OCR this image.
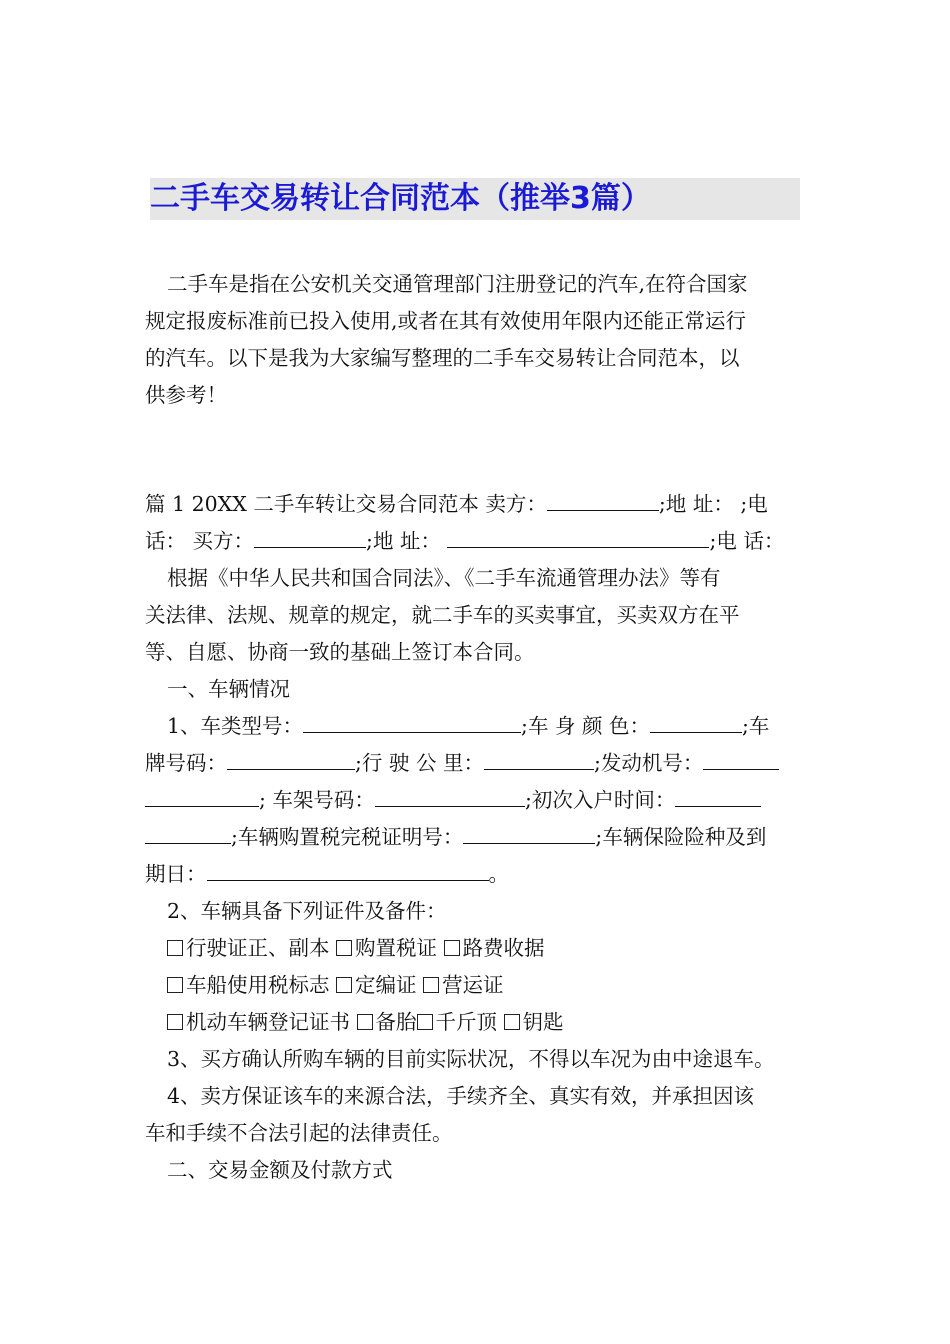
二手车交易转让合同范本（推举3篇）

二手车是指在公安机关交通管理部门注册登记的汽车,在符合国家

规定报废标准前已投入使用,或者在其有效使用年限内还能正常运行

的汽车。以下是我为大家编写整理的二手车交易转让合同范本，以

供参考！

篇 1 20XX 二手车转让交易合同范本 卖方：	;地 址： ;电

话： 买方：	;地 址：	;电 话：

根据《中华人民共和国合同法》、《二手车流通管理办法》等有

关法律、法规、规章的规定，就二手车的买卖事宜，买卖双方在平

等、自愿、协商一致的基础上签订本合同。

一、车辆情况

1、车类型号：	;车 身 颜 色：	;车

牌号码：	;行 驶 公 里：	;发动机号：

; 车架号码：	;初次入户时间：

;车辆购置税完税证明号：	;车辆保险险种及到

期日：	。

2、车辆具备下列证件及备件：

行驶证正、副本 购置税证 路费收据

车船使用税标志 定编证 营运证

机动车辆登记证书 备胎 千斤顶 钥匙

3、买方确认所购车辆的目前实际状况，不得以车况为由中途退车。

4、卖方保证该车的来源合法，手续齐全、真实有效，并承担因该

车和手续不合法引起的法律责任。

二、交易金额及付款方式
